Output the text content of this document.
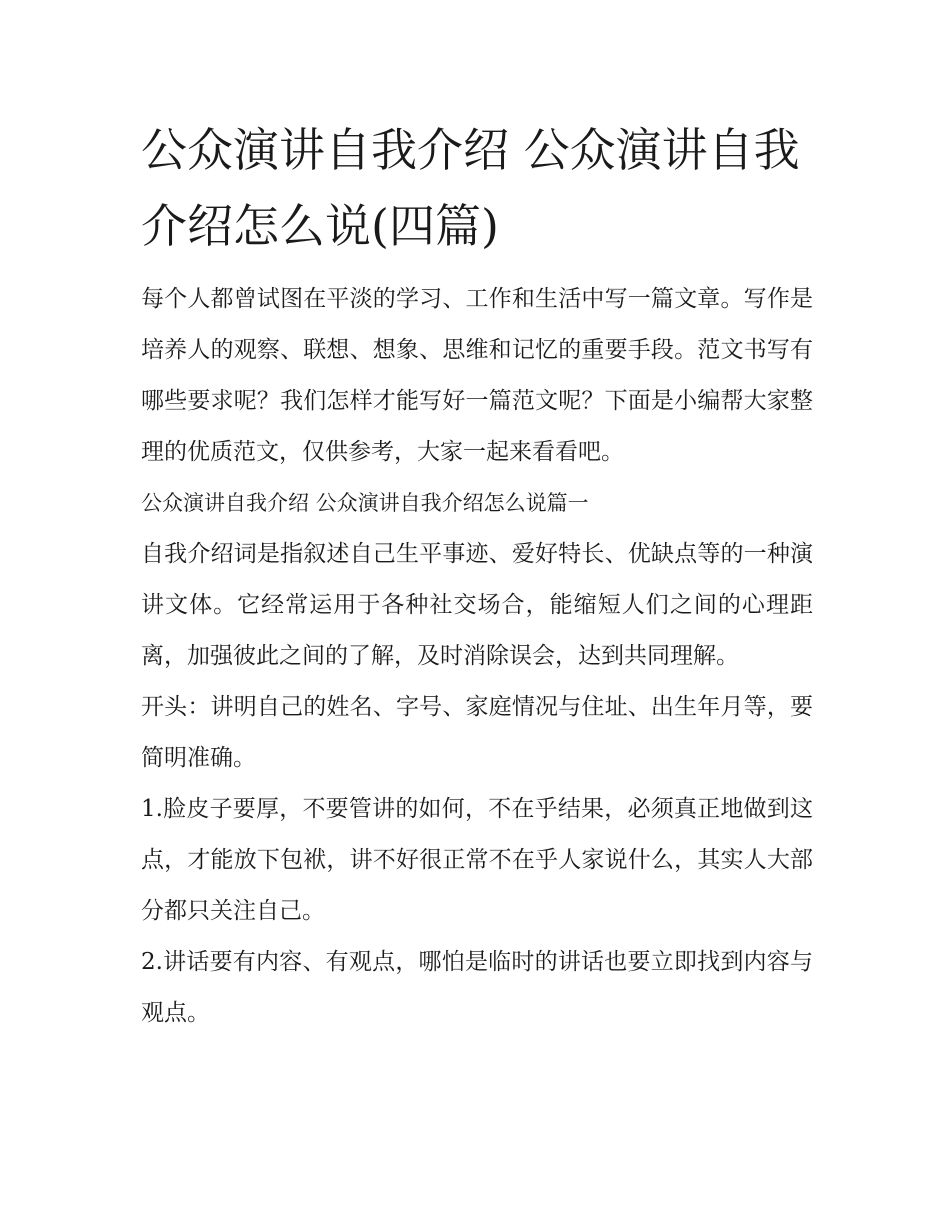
公众演讲自我介绍 公众演讲自我介绍怎么说(四篇)

每个人都曾试图在平淡的学习、工作和生活中写一篇文章。写作是培养人的观察、联想、想象、思维和记忆的重要手段。范文书写有哪些要求呢？我们怎样才能写好一篇范文呢？下面是小编帮大家整理的优质范文，仅供参考，大家一起来看看吧。

公众演讲自我介绍 公众演讲自我介绍怎么说篇一

自我介绍词是指叙述自己生平事迹、爱好特长、优缺点等的一种演讲文体。它经常运用于各种社交场合，能缩短人们之间的心理距离，加强彼此之间的了解，及时消除误会，达到共同理解。

开头：讲明自己的姓名、字号、家庭情况与住址、出生年月等，要简明准确。

1.脸皮子要厚，不要管讲的如何，不在乎结果，必须真正地做到这点，才能放下包袱，讲不好很正常不在乎人家说什么，其实人大部分都只关注自己。

2.讲话要有内容、有观点，哪怕是临时的讲话也要立即找到内容与观点。
